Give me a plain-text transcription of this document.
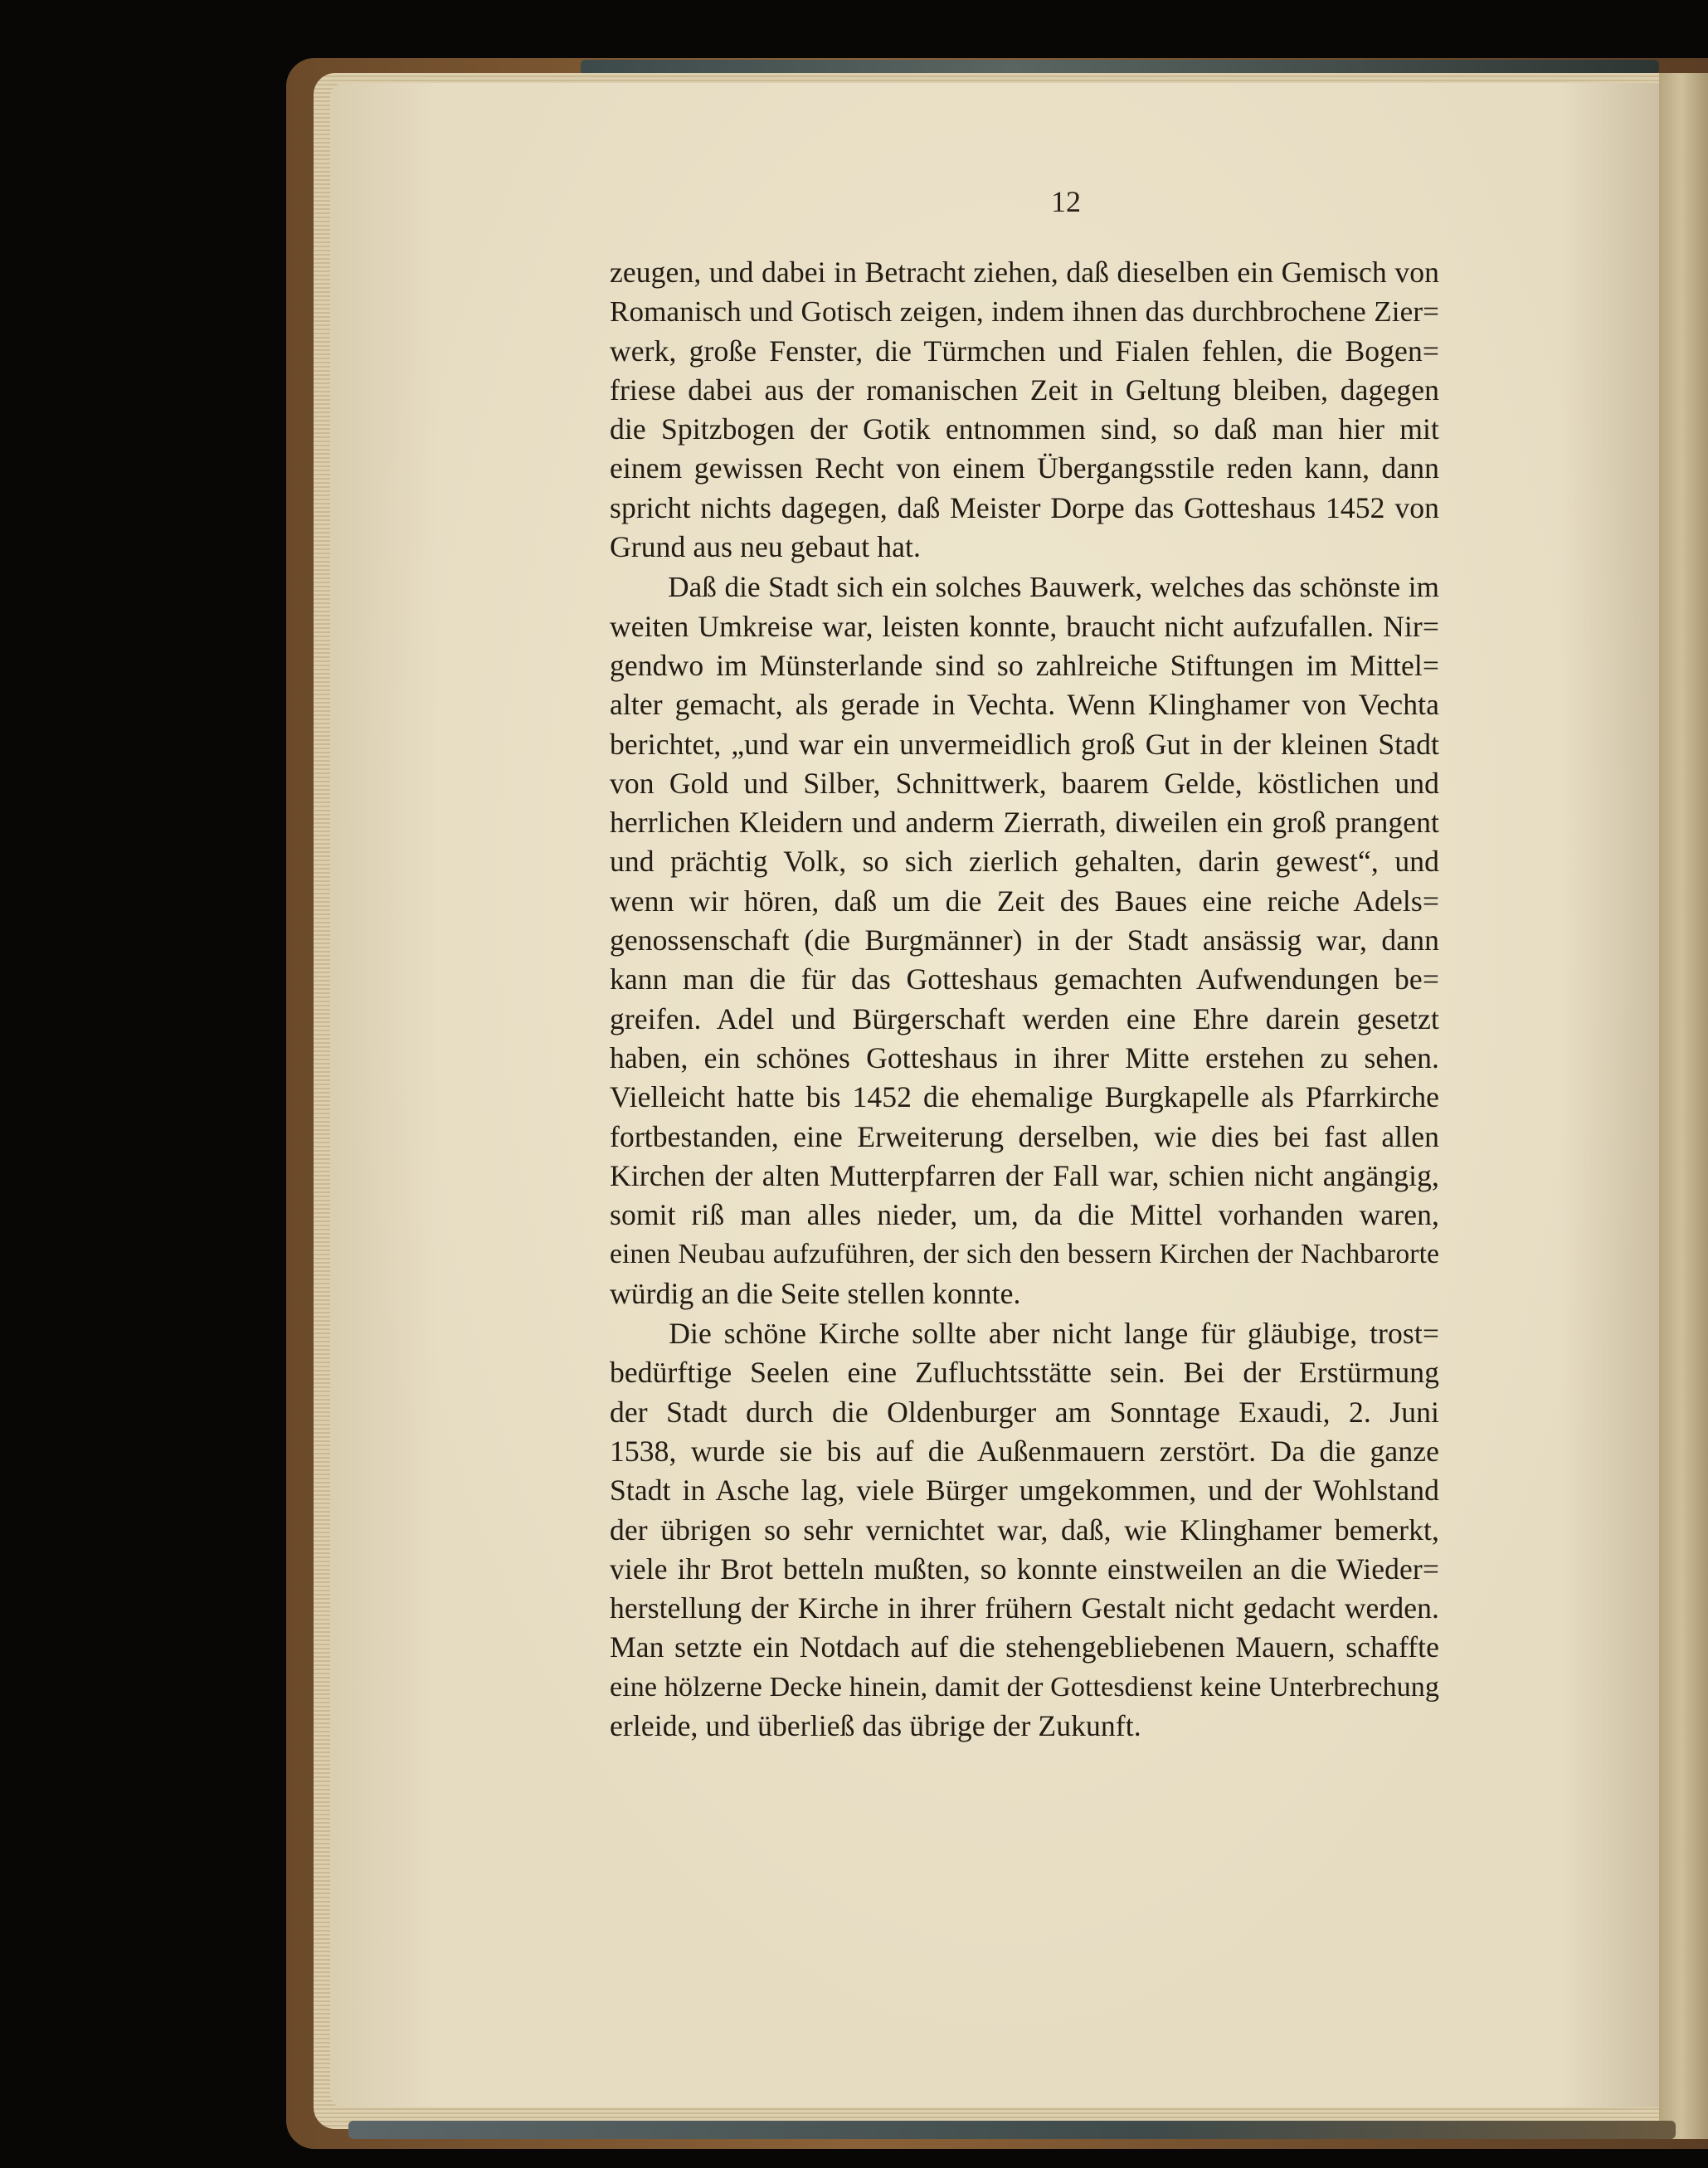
12

zeugen, und dabei in Betracht ziehen, daß dieselben ein Gemisch von
Romanisch und Gotisch zeigen, indem ihnen das durchbrochene Zier=
werk, große Fenster, die Türmchen und Fialen fehlen, die Bogen=
friese dabei aus der romanischen Zeit in Geltung bleiben, dagegen
die Spitzbogen der Gotik entnommen sind, so daß man hier mit
einem gewissen Recht von einem Übergangsstile reden kann, dann
spricht nichts dagegen, daß Meister Dorpe das Gotteshaus 1452 von
Grund aus neu gebaut hat.

Daß die Stadt sich ein solches Bauwerk, welches das schönste im
weiten Umkreise war, leisten konnte, braucht nicht aufzufallen. Nir=
gendwo im Münsterlande sind so zahlreiche Stiftungen im Mittel=
alter gemacht, als gerade in Vechta. Wenn Klinghamer von Vechta
berichtet, „und war ein unvermeidlich groß Gut in der kleinen Stadt
von Gold und Silber, Schnittwerk, baarem Gelde, köstlichen und
herrlichen Kleidern und anderm Zierrath, diweilen ein groß prangent
und prächtig Volk, so sich zierlich gehalten, darin gewest“, und
wenn wir hören, daß um die Zeit des Baues eine reiche Adels=
genossenschaft (die Burgmänner) in der Stadt ansässig war, dann
kann man die für das Gotteshaus gemachten Aufwendungen be=
greifen. Adel und Bürgerschaft werden eine Ehre darein gesetzt
haben, ein schönes Gotteshaus in ihrer Mitte erstehen zu sehen.
Vielleicht hatte bis 1452 die ehemalige Burgkapelle als Pfarrkirche
fortbestanden, eine Erweiterung derselben, wie dies bei fast allen
Kirchen der alten Mutterpfarren der Fall war, schien nicht angängig,
somit riß man alles nieder, um, da die Mittel vorhanden waren,
einen Neubau aufzuführen, der sich den bessern Kirchen der Nachbarorte
würdig an die Seite stellen konnte.

Die schöne Kirche sollte aber nicht lange für gläubige, trost=
bedürftige Seelen eine Zufluchtsstätte sein. Bei der Erstürmung
der Stadt durch die Oldenburger am Sonntage Exaudi, 2. Juni
1538, wurde sie bis auf die Außenmauern zerstört. Da die ganze
Stadt in Asche lag, viele Bürger umgekommen, und der Wohlstand
der übrigen so sehr vernichtet war, daß, wie Klinghamer bemerkt,
viele ihr Brot betteln mußten, so konnte einstweilen an die Wieder=
herstellung der Kirche in ihrer frühern Gestalt nicht gedacht werden.
Man setzte ein Notdach auf die stehengebliebenen Mauern, schaffte
eine hölzerne Decke hinein, damit der Gottesdienst keine Unterbrechung
erleide, und überließ das übrige der Zukunft.
